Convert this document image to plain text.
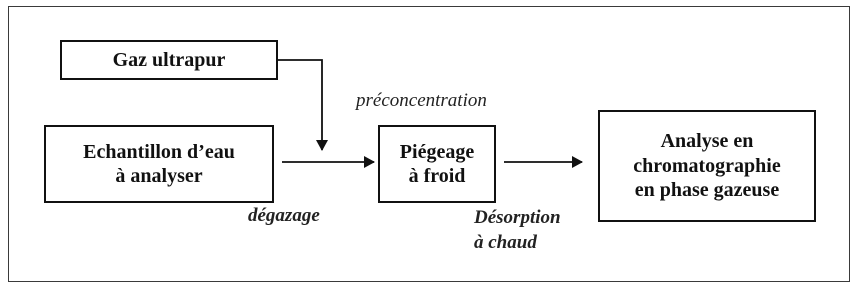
Gaz ultrapur
Echantillon d’eau
à analyser
Piégeage
à froid
Analyse en
chromatographie
en phase gazeuse
préconcentration
dégazage	Désorption
à chaud
